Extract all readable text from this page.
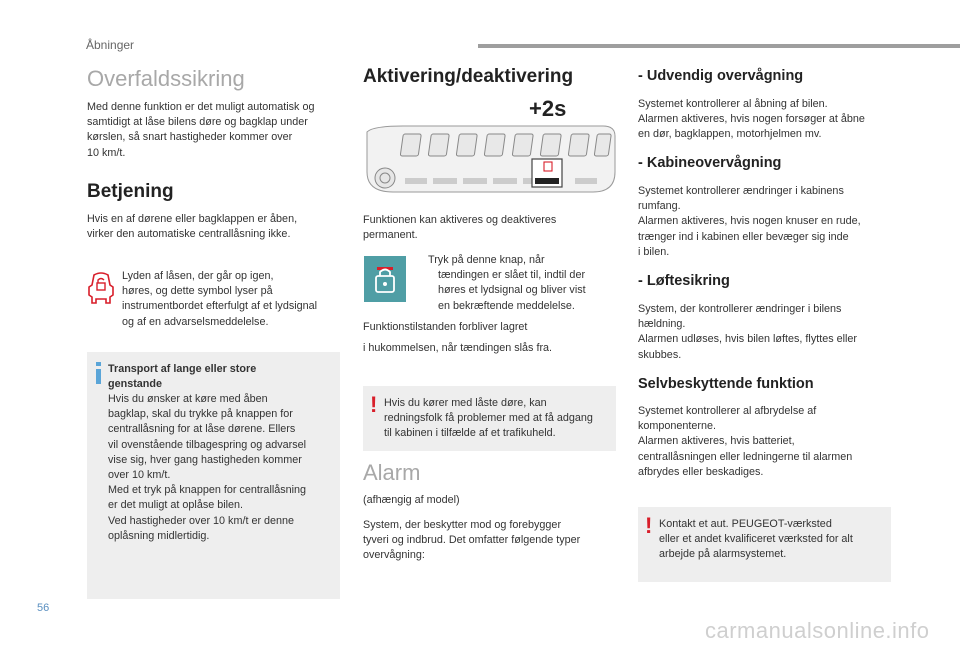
Åbninger
Overfaldssikring

Med denne funktion er det muligt automatisk og
samtidigt at låse bilens døre og bagklap under
kørslen, så snart hastigheder kommer over
10 km/t.

Betjening

Hvis en af dørene eller bagklappen er åben,
virker den automatiske centrallåsning ikke.

Lyden af låsen, der går op igen,
høres, og dette symbol lyser på
instrumentbordet efterfulgt af et lydsignal
og af en advarselsmeddelelse.

Transport af lange eller store
genstande

Hvis du ønsker at køre med åben
bagklap, skal du trykke på knappen for
centrallåsning for at låse dørene. Ellers
vil ovenstående tilbagespring og advarsel
vise sig, hver gang hastigheden kommer
over 10 km/t.
Med et tryk på knappen for centrallåsning
er det muligt at oplåse bilen.
Ved hastigheder over 10 km/t er denne
oplåsning midlertidig.

Aktivering/deaktivering
+2s

Funktionen kan aktiveres og deaktiveres
permanent.

Tryk på denne knap, når
tændingen er slået til, indtil der
høres et lydsignal og bliver vist
en bekræftende meddelelse.

Funktionstilstanden forbliver lagret

i hukommelsen, når tændingen slås fra.

! Hvis du kører med låste døre, kan
redningsfolk få problemer med at få adgang
til kabinen i tilfælde af et trafikuheld.

Alarm

(afhængig af model)

System, der beskytter mod og forebygger
tyveri og indbrud. Det omfatter følgende typer
overvågning:

- Udvendig overvågning

Systemet kontrollerer al åbning af bilen.
Alarmen aktiveres, hvis nogen forsøger at åbne
en dør, bagklappen, motorhjelmen mv.

- Kabineovervågning

Systemet kontrollerer ændringer i kabinens
rumfang.
Alarmen aktiveres, hvis nogen knuser en rude,
trænger ind i kabinen eller bevæger sig inde
i bilen.

- Løftesikring

System, der kontrollerer ændringer i bilens
hældning.
Alarmen udløses, hvis bilen løftes, flyttes eller
skubbes.

Selvbeskyttende funktion

Systemet kontrollerer al afbrydelse af
komponenterne.
Alarmen aktiveres, hvis batteriet,
centrallåsningen eller ledningerne til alarmen
afbrydes eller beskadiges.

! Kontakt et aut. PEUGEOT-værksted
eller et andet kvalificeret værksted for alt
arbejde på alarmsystemet.

56
carmanualsonline.info
